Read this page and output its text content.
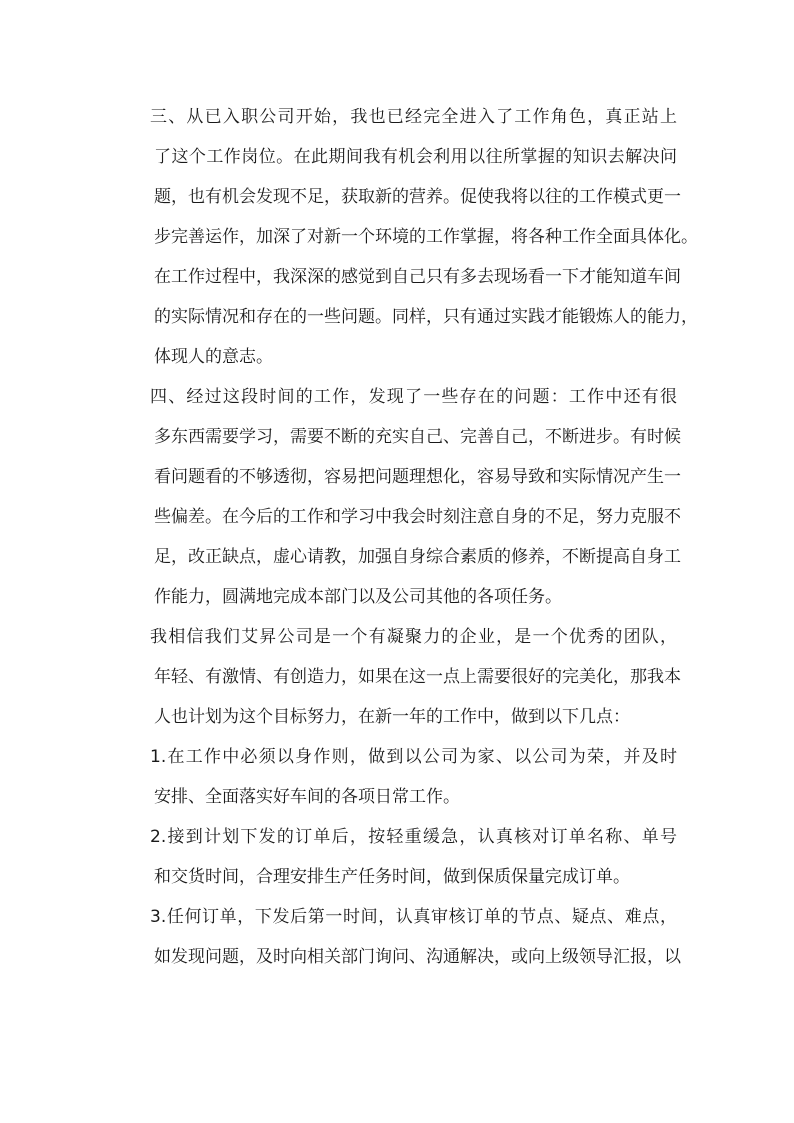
三、从已入职公司开始，我也已经完全进入了工作角色，真正站上
了这个工作岗位。在此期间我有机会利用以往所掌握的知识去解决问
题，也有机会发现不足，获取新的营养。促使我将以往的工作模式更一
步完善运作，加深了对新一个环境的工作掌握，将各种工作全面具体化。
在工作过程中，我深深的感觉到自己只有多去现场看一下才能知道车间
的实际情况和存在的一些问题。同样，只有通过实践才能锻炼人的能力，
体现人的意志。
四、经过这段时间的工作，发现了一些存在的问题：工作中还有很
多东西需要学习，需要不断的充实自己、完善自己，不断进步。有时候
看问题看的不够透彻，容易把问题理想化，容易导致和实际情况产生一
些偏差。在今后的工作和学习中我会时刻注意自身的不足，努力克服不
足，改正缺点，虚心请教，加强自身综合素质的修养，不断提高自身工
作能力，圆满地完成本部门以及公司其他的各项任务。
我相信我们艾昇公司是一个有凝聚力的企业，是一个优秀的团队，
年轻、有激情、有创造力，如果在这一点上需要很好的完美化，那我本
人也计划为这个目标努力，在新一年的工作中，做到以下几点：
1.在工作中必须以身作则，做到以公司为家、以公司为荣，并及时
安排、全面落实好车间的各项日常工作。
2.接到计划下发的订单后，按轻重缓急，认真核对订单名称、单号
和交货时间，合理安排生产任务时间，做到保质保量完成订单。
3.任何订单，下发后第一时间，认真审核订单的节点、疑点、难点，
如发现问题，及时向相关部门询问、沟通解决，或向上级领导汇报，以
